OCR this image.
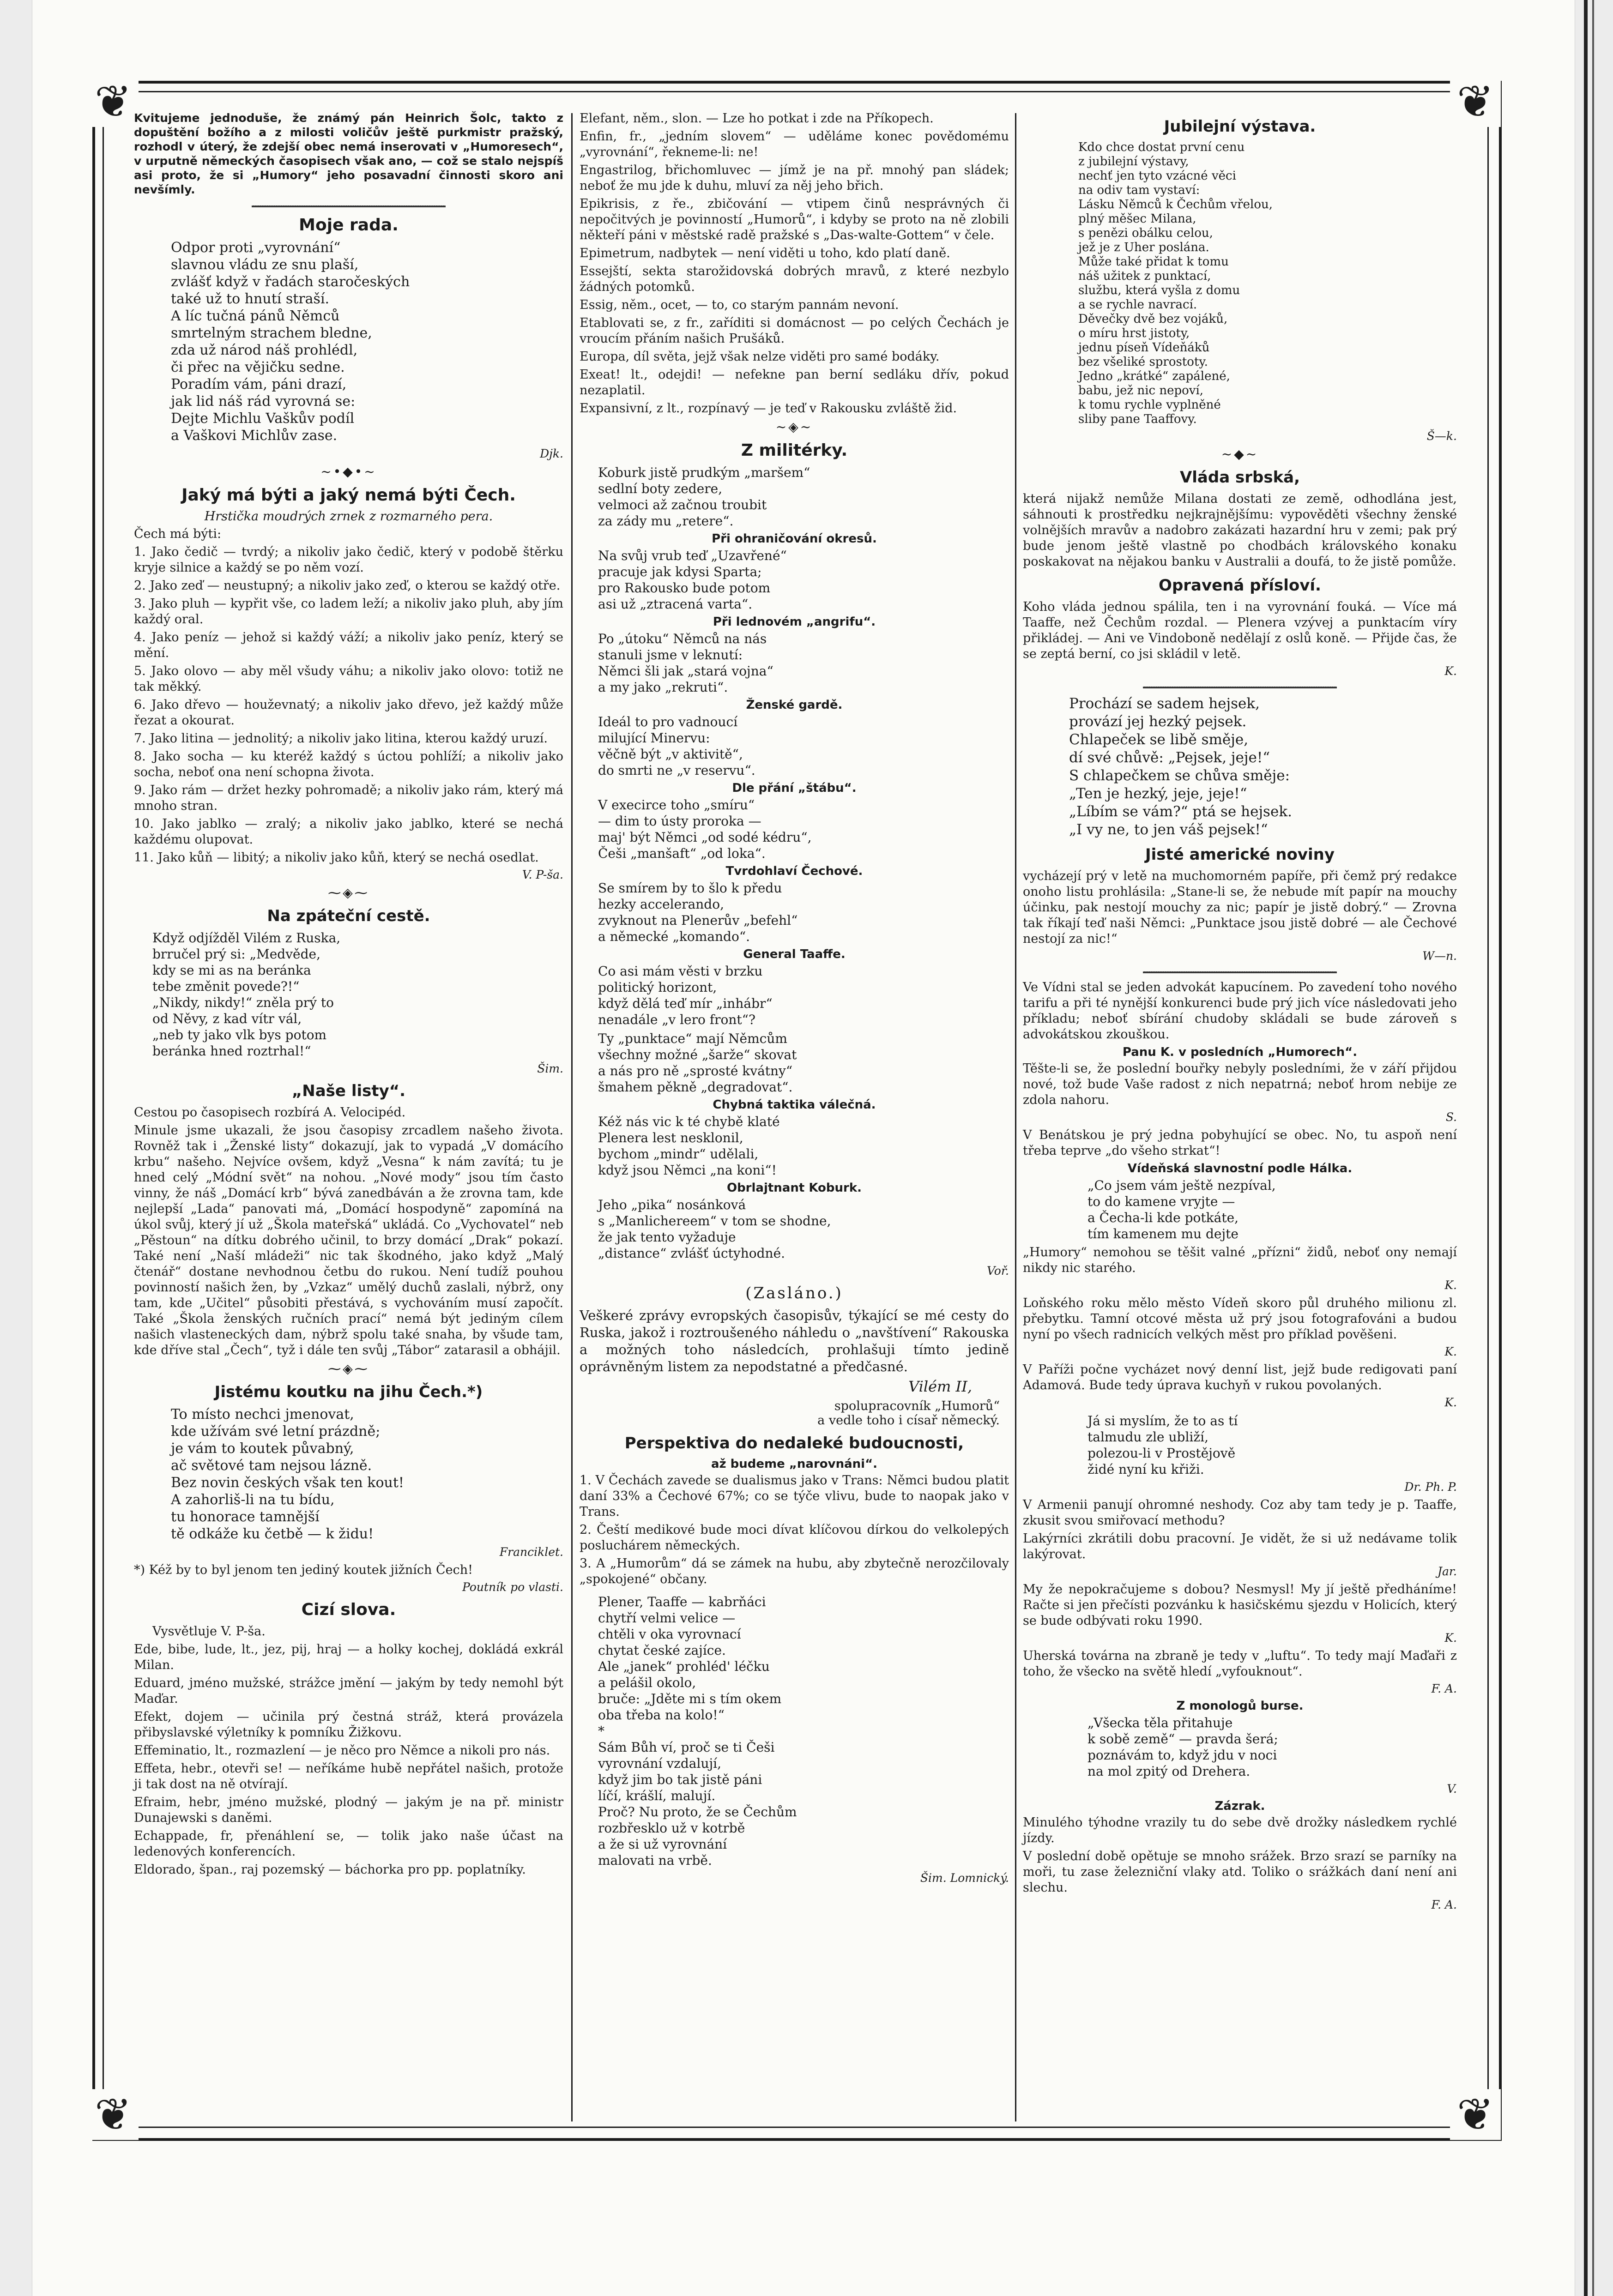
❦	❦
❦	❦

Kvitujeme jednoduše, že známý pán Heinrich Šolc, takto z dopuštění božího a z milosti voličův ještě purkmistr pražský, rozhodl v úterý, že zdejší obec nemá inserovati v „Humoresech“, v urputně německých časopisech však ano, — což se stalo nejspíš asi proto, že si „Humory“ jeho posavadní činnosti skoro ani nevšímly.

Moje rada.
Odpor proti „vyrovnání“
slavnou vládu ze snu plaší,
zvlášť když v řadách staročeských
také už to hnutí straší.
A líc tučná pánů Němců
smrtelným strachem bledne,
zda už národ náš prohlédl,
či přec na vějičku sedne.
Poradím vám, páni drazí,
jak lid náš rád vyrovná se:
Dejte Michlu Vaškův podíl
a Vaškovi Michlův zase.
Djk.
~•◆•~
Jaký má býti a jaký nemá býti Čech.
Hrstička moudrých zrnek z rozmarného pera.

Čech má býti:

1. Jako čedič — tvrdý; a nikoliv jako čedič, který v podobě štěrku kryje silnice a každý se po něm vozí.

2. Jako zeď — neustupný; a nikoliv jako zeď, o kterou se každý otře.

3. Jako pluh — kypřit vše, co ladem leží; a nikoliv jako pluh, aby jím každý oral.

4. Jako peníz — jehož si každý váží; a nikoliv jako peníz, který se mění.

5. Jako olovo — aby měl všudy váhu; a nikoliv jako olovo: totiž ne tak měkký.

6. Jako dřevo — houževnatý; a nikoliv jako dřevo, jež každý může řezat a okourat.

7. Jako litina — jednolitý; a nikoliv jako litina, kterou každý uruzí.

8. Jako socha — ku kteréž každý s úctou pohlíží; a nikoliv jako socha, neboť ona není schopna života.

9. Jako rám — držet hezky pohromadě; a nikoliv jako rám, který má mnoho stran.

10. Jako jablko — zralý; a nikoliv jako jablko, které se nechá každému olupovat.

11. Jako kůň — libitý; a nikoliv jako kůň, který se nechá osedlat.

V. P-ša.
⁓◈⁓
Na zpáteční cestě.
Když odjížděl Vilém z Ruska,
brručel prý si: „Medvěde,
kdy se mi as na beránka
tebe změnit povede?!“
„Nikdy, nikdy!“ zněla prý to
od Něvy, z kad vítr vál,
„neb ty jako vlk bys potom
beránka hned roztrhal!“
Šim.
„Naše listy“.

Cestou po časopisech rozbírá A. Velocipéd.

Minule jsme ukazali, že jsou časopisy zrcadlem našeho života. Rovněž tak i „Ženské listy“ dokazují, jak to vypadá „V domácího krbu“ našeho. Nejvíce ovšem, když „Vesna“ k nám zavítá; tu je hned celý „Módní svět“ na nohou. „Nové mody“ jsou tím často vinny, že náš „Domácí krb“ bývá zanedbáván a že zrovna tam, kde nejlepší „Lada“ panovati má, „Domácí hospodyně“ zapomíná na úkol svůj, který jí už „Škola mateřská“ ukládá. Co „Vychovatel“ neb „Pěstoun“ na dítku dobrého učinil, to brzy domácí „Drak“ pokazí. Také není „Naší mládeži“ nic tak škodného, jako když „Malý čtenář“ dostane nevhodnou četbu do rukou. Není tudíž pouhou povinností našich žen, by „Vzkaz“ umělý duchů zaslali, nýbrž, ony tam, kde „Učitel“ působiti přestává, s vychováním musí započít. Také „Škola ženských ručních prací“ nemá být jediným cílem našich vlasteneckých dam, nýbrž spolu také snaha, by všude tam, kde dříve stal „Čech“, tyž i dále ten svůj „Tábor“ zatarasil a obhájil.

⁓◈⁓
Jistému koutku na jihu Čech.*)
To místo nechci jmenovat,
kde užívám své letní prázdně;
je vám to koutek půvabný,
ač světové tam nejsou lázně.
Bez novin českých však ten kout!
A zahorliš-li na tu bídu,
tu honorace tamnější
tě odkáže ku četbě — k židu!
Franciklet.

*) Kéž by to byl jenom ten jediný koutek jižních Čech!

Poutník po vlasti.
Cizí slova.

Vysvětluje V. P-ša.

Ede, bibe, lude, lt., jez, pij, hraj — a holky kochej, dokládá exkrál Milan.

Eduard, jméno mužské, strážce jmění — jakým by tedy nemohl být Maďar.

Efekt, dojem — učinila prý čestná stráž, která provázela přibyslavské výletníky k pomníku Žižkovu.

Effeminatio, lt., rozmazlení — je něco pro Němce a nikoli pro nás.

Effeta, hebr., otevři se! — neříkáme hubě nepřátel našich, protože ji tak dost na ně otvírají.

Efraim, hebr, jméno mužské, plodný — jakým je na př. ministr Dunajewski s daněmi.

Echappade, fr, přenáhlení se, — tolik jako naše účast na ledenových konferencích.

Eldorado, špan., raj pozemský — báchorka pro pp. poplatníky.

Elefant, něm., slon. — Lze ho potkat i zde na Příkopech.

Enfin, fr., „jedním slovem“ — uděláme konec povědomému „vyrovnání“, řekneme-li: ne!

Engastrilog, břichomluvec — jímž je na př. mnohý pan sládek; neboť že mu jde k duhu, mluví za něj jeho břich.

Epikrisis, z ře., zbičování — vtipem činů nesprávných či nepočitvých je povinností „Humorů“, i kdyby se proto na ně zlobili někteří páni v městské radě pražské s „Das-walte-Gottem“ v čele.

Epimetrum, nadbytek — není viděti u toho, kdo platí daně.

Essejští, sekta starožidovská dobrých mravů, z které nezbylo žádných potomků.

Essig, něm., ocet, — to, co starým pannám nevoní.

Etablovati se, z fr., zaříditi si domácnost — po celých Čechách je vroucím přáním našich Prušáků.

Europa, díl světa, jejž však nelze viděti pro samé bodáky.

Exeat! lt., odejdi! — nefekne pan berní sedláku dřív, pokud nezaplatil.

Expansivní, z lt., rozpínavý — je teď v Rakousku zvláště žid.

~◈~
Z militérky.
Koburk jistě prudkým „maršem“
sedlní boty zedere,
velmoci až začnou troubit
za zády mu „retere“.
Při ohraničování okresů.
Na svůj vrub teď „Uzavřené“
pracuje jak kdysi Sparta;
pro Rakousko bude potom
asi už „ztracená varta“.
Při lednovém „angrifu“.
Po „útoku“ Němců na nás
stanuli jsme v leknutí:
Němci šli jak „stará vojna“
a my jako „rekruti“.
Ženské gardě.
Ideál to pro vadnoucí
milující Minervu:
věčně být „v aktivitě“,
do smrti ne „v reservu“.
Dle přání „štábu“.
V execirce toho „smíru“
— dim to ústy proroka —
maj' být Němci „od sodé kédru“,
Češi „manšaft“ „od loka“.
Tvrdohlaví Čechové.
Se smírem by to šlo k předu
hezky accelerando,
zvyknout na Plenerův „befehl“
a německé „komando“.
General Taaffe.
Co asi mám věsti v brzku
politický horizont,
když dělá teď mír „inhábr“
nenadále „v lero front“?
Ty „punktace“ mají Němcům
všechny možné „šarže“ skovat
a nás pro ně „sprosté kvátny“
šmahem pěkně „degradovat“.
Chybná taktika válečná.
Kéž nás vic k té chybě klaté
Plenera lest nesklonil,
bychom „mindr“ udělali,
když jsou Němci „na koni“!
Obrlajtnant Koburk.
Jeho „pika“ nosánková
s „Manlichereem“ v tom se shodne,
že jak tento vyžaduje
„distance“ zvlášť úctyhodné.
Voř.
(Zasláno.)

Veškeré zprávy evropských časopisův, týkající se mé cesty do Ruska, jakož i roztroušeného náhledu o „navštívení“ Rakouska a možných toho následcích, prohlašuji tímto jedině oprávněným listem za nepodstatné a předčasné.

Vilém II,
spolupracovník „Humorů“
a vedle toho i císař německý.
Perspektiva do nedaleké budoucnosti,
až budeme „narovnáni“.

1. V Čechách zavede se dualismus jako v Trans: Němci budou platit daní 33% a Čechové 67%; co se týče vlivu, bude to naopak jako v Trans.

2. Čeští medikové bude moci dívat klíčovou dírkou do velkolepých posluchárem německých.

3. A „Humorům“ dá se zámek na hubu, aby zbytečně nerozčilovaly „spokojené“ občany.

Plener, Taaffe — kabrňáci
chytří velmi velice —
chtěli v oka vyrovnací
chytat české zajíce.
Ale „janek“ prohléd' léčku
a pelášil okolo,
bruče: „Jděte mi s tím okem
oba třeba na kolo!“
*
Sám Bůh ví, proč se ti Češi
vyrovnání vzdalují,
když jim bo tak jistě páni
líčí, krášlí, malují.
Proč? Nu proto, že se Čechům
rozbřesklo už v kotrbě
a že si už vyrovnání
malovati na vrbě.
Šim. Lomnický.
Jubilejní výstava.
Kdo chce dostat první cenu
z jubilejní výstavy,
nechť jen tyto vzácné věci
na odiv tam vystaví:
Lásku Němců k Čechům vřelou,
plný měšec Milana,
s penězi obálku celou,
jež je z Uher poslána.
Může také přidat k tomu
náš užitek z punktací,
službu, která vyšla z domu
a se rychle navrací.
Děvečky dvě bez vojáků,
o míru hrst jistoty,
jednu píseň Vídeňáků
bez všeliké sprostoty.
Jedno „krátké“ zapálené,
babu, jež nic nepoví,
k tomu rychle vyplněné
sliby pane Taaffovy.
Š—k.
~◆~
Vláda srbská,

která nijakž nemůže Milana dostati ze země, odhodlána jest, sáhnouti k prostředku nejkrajnějšímu: vypověděti všechny ženské volnějších mravův a nadobro zakázati hazardní hru v zemi; pak prý bude jenom ještě vlastně po chodbách královského konaku poskakovat na nějakou banku v Australii a doufá, to že jistě pomůže.

Opravená přísloví.

Koho vláda jednou spálila, ten i na vyrovnání fouká. — Více má Taaffe, než Čechům rozdal. — Plenera vzývej a punktacím víry přikládej. — Ani ve Vindoboně nedělají z oslů koně. — Přijde čas, že se zeptá berní, co jsi skládil v letě.

K.
Prochází se sadem hejsek,
provází jej hezký pejsek.
Chlapeček se libě směje,
dí své chůvě: „Pejsek, jeje!“
S chlapečkem se chůva směje:
„Ten je hezký, jeje, jeje!“
„Líbím se vám?“ ptá se hejsek.
„I vy ne, to jen váš pejsek!“
Jisté americké noviny

vycházejí prý v letě na muchomorném papíře, při čemž prý redakce onoho listu prohlásila: „Stane-li se, že nebude mít papír na mouchy účinku, pak nestojí mouchy za nic; papír je jistě dobrý.“ — Zrovna tak říkají teď naši Němci: „Punktace jsou jistě dobré — ale Čechové nestojí za nic!“

W—n.

Ve Vídni stal se jeden advokát kapucínem. Po zavedení toho nového tarifu a při té nynější konkurenci bude prý jich více následovati jeho příkladu; neboť sbírání chudoby skládali se bude zároveň s advokátskou zkouškou.

Panu K. v posledních „Humorech“.

Těšte-li se, že poslední bouřky nebyly posledními, že v září přijdou nové, tož bude Vaše radost z nich nepatrná; neboť hrom nebije ze zdola nahoru.

S.

V Benátskou je prý jedna pobyhující se obec. No, tu aspoň není třeba teprve „do všeho strkat“!

Vídeňská slavnostní podle Hálka.
„Co jsem vám ještě nezpíval,
to do kamene vryjte —
a Čecha-li kde potkáte,
tím kamenem mu dejte

„Humory“ nemohou se těšit valné „přízni“ židů, neboť ony nemají nikdy nic starého.

K.

Loňského roku mělo město Vídeň skoro půl druhého milionu zl. přebytku. Tamní otcové města už prý jsou fotografováni a budou nyní po všech radnicích velkých měst pro příklad pověšeni.

K.

V Paříži počne vycházet nový denní list, jejž bude redigovati paní Adamová. Bude tedy úprava kuchyň v rukou povolaných.

K.
Já si myslím, že to as tí
talmudu zle ubliží,
polezou-li v Prostějově
židé nyní ku křiži.
Dr. Ph. P.

V Armenii panují ohromné neshody. Coz aby tam tedy je p. Taaffe, zkusit svou smiřovací methodu?

Lakýrníci zkrátili dobu pracovní. Je vidět, že si už nedávame tolik lakýrovat.

Jar.

My že nepokračujeme s dobou? Nesmysl! My jí ještě předháníme! Račte si jen přečísti pozvánku k hasičskému sjezdu v Holicích, který se bude odbývati roku 1990.

K.

Uherská továrna na zbraně je tedy v „luftu“. To tedy mají Maďaři z toho, že všecko na světě hledí „vyfouknout“.

F. A.
Z monologů burse.
„Všecka těla přitahuje
k sobě země“ — pravda šerá;
poznávám to, když jdu v noci
na mol zpitý od Drehera.
V.
Zázrak.

Minulého týhodne vrazily tu do sebe dvě drožky následkem rychlé jízdy.

V poslední době opětuje se mnoho srážek. Brzo srazí se parníky na moři, tu zase železniční vlaky atd. Toliko o srážkách daní není ani slechu.

F. A.
